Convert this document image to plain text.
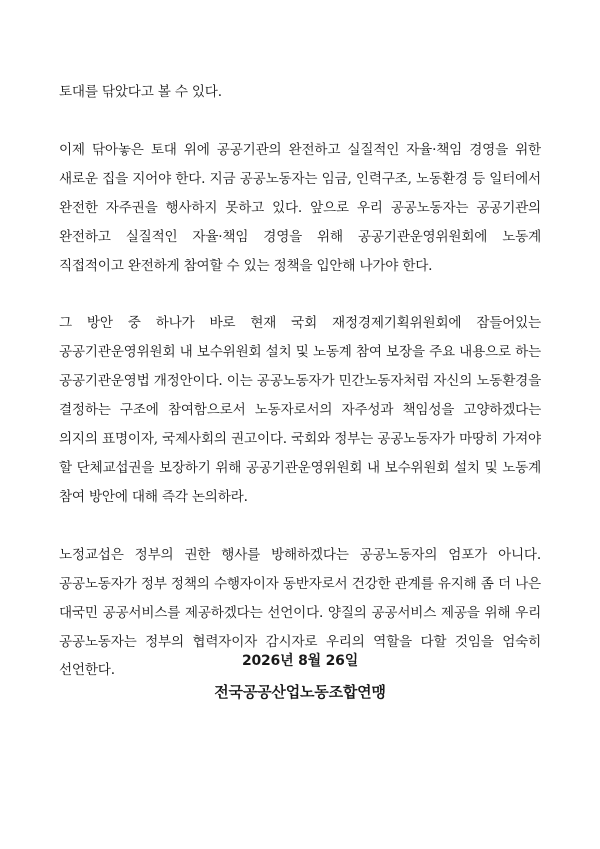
토대를 닦았다고 볼 수 있다.

이제 닦아놓은 토대 위에 공공기관의 완전하고 실질적인 자율·책임 경영을 위한 새로운 집을 지어야 한다. 지금 공공노동자는 임금, 인력구조, 노동환경 등 일터에서 완전한 자주권을 행사하지 못하고 있다. 앞으로 우리 공공노동자는 공공기관의 완전하고 실질적인 자율·책임 경영을 위해 공공기관운영위원회에 노동계 직접적이고 완전하게 참여할 수 있는 정책을 입안해 나가야 한다.

그 방안 중 하나가 바로 현재 국회 재정경제기획위원회에 잠들어있는 공공기관운영위원회 내 보수위원회 설치 및 노동계 참여 보장을 주요 내용으로 하는 공공기관운영법 개정안이다. 이는 공공노동자가 민간노동자처럼 자신의 노동환경을 결정하는 구조에 참여함으로서 노동자로서의 자주성과 책임성을 고양하겠다는 의지의 표명이자, 국제사회의 권고이다. 국회와 정부는 공공노동자가 마땅히 가져야 할 단체교섭권을 보장하기 위해 공공기관운영위원회 내 보수위원회 설치 및 노동계 참여 방안에 대해 즉각 논의하라.

노정교섭은 정부의 권한 행사를 방해하겠다는 공공노동자의 엄포가 아니다. 공공노동자가 정부 정책의 수행자이자 동반자로서 건강한 관계를 유지해 좀 더 나은 대국민 공공서비스를 제공하겠다는 선언이다. 양질의 공공서비스 제공을 위해 우리 공공노동자는 정부의 협력자이자 감시자로 우리의 역할을 다할 것임을 엄숙히 선언한다.

2026년 8월 26일
전국공공산업노동조합연맹
